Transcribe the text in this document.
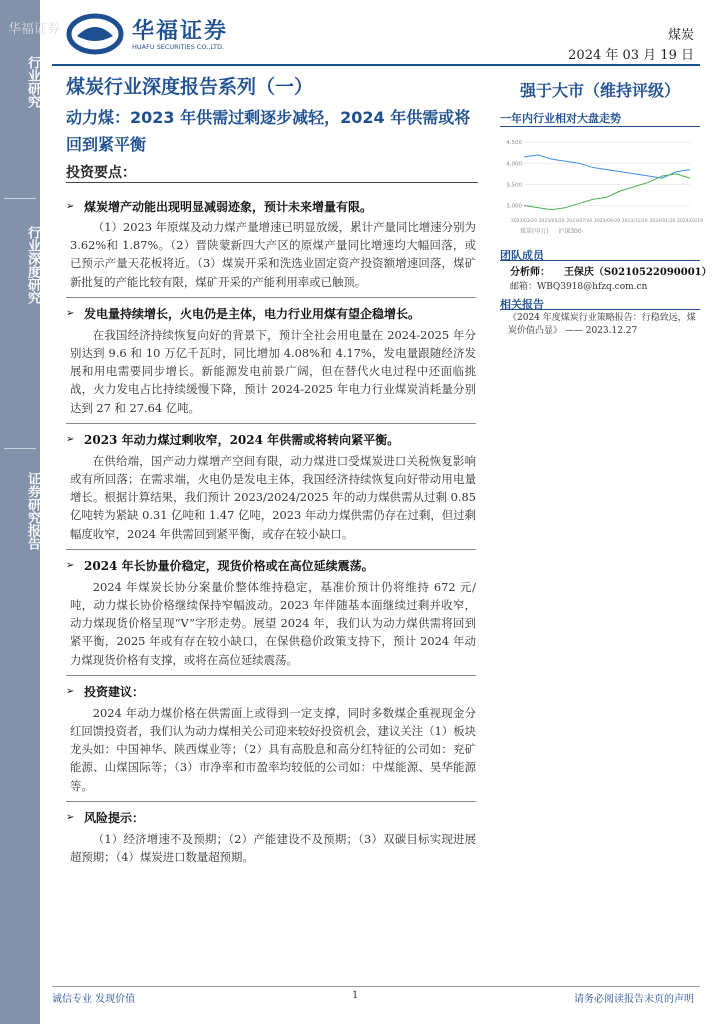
行业研究
行业深度研究
证券研究报告
华福证券	华福证券
HUAFU SECURITIES CO.,LTD.
煤炭
2024 年 03 月 19 日
煤炭行业深度报告系列（一）
动力煤：2023 年供需过剩逐步减轻，2024 年供需或将回到紧平衡
投资要点：
➢ 煤炭增产动能出现明显减弱迹象，预计未来增量有限。
（1）2023 年原煤及动力煤产量增速已明显放缓，累计产量同比增速分别为 3.62%和 1.87%。（2）晋陕蒙新四大产区的原煤产量同比增速均大幅回落，或已预示产量天花板将近。（3）煤炭开采和洗选业固定资产投资额增速回落，煤矿新批复的产能比较有限，煤矿开采的产能利用率或已触顶。
➢ 发电量持续增长，火电仍是主体，电力行业用煤有望企稳增长。
在我国经济持续恢复向好的背景下，预计全社会用电量在 2024-2025 年分别达到 9.6 和 10 万亿千瓦时，同比增加 4.08%和 4.17%，发电量跟随经济发展和用电需要同步增长。新能源发电前景广阔，但在替代火电过程中还面临挑战，火力发电占比持续缓慢下降，预计 2024-2025 年电力行业煤炭消耗量分别达到 27 和 27.64 亿吨。
➢ 2023 年动力煤过剩收窄，2024 年供需或将转向紧平衡。
在供给端，国产动力煤增产空间有限，动力煤进口受煤炭进口关税恢复影响或有所回落；在需求端，火电仍是发电主体，我国经济持续恢复向好带动用电量增长。根据计算结果，我们预计 2023/2024/2025 年的动力煤供需从过剩 0.85 亿吨转为紧缺 0.31 亿吨和 1.47 亿吨，2023 年动力煤供需仍存在过剩，但过剩幅度收窄，2024 年供需回到紧平衡，或存在较小缺口。
➢ 2024 年长协量价稳定，现货价格或在高位延续震荡。
2024 年煤炭长协分案量价整体维持稳定，基准价预计仍将维持 672 元/吨，动力煤长协价格继续保持窄幅波动。2023 年伴随基本面继续过剩并收窄，动力煤现货价格呈现“V”字形走势。展望 2024 年，我们认为动力煤供需将回到紧平衡，2025 年或有存在较小缺口，在保供稳价政策支持下，预计 2024 年动力煤现货价格有支撑，或将在高位延续震荡。
➢ 投资建议：
2024 年动力煤价格在供需面上或得到一定支撑，同时多数煤企重视现金分红回馈投资者，我们认为动力煤相关公司迎来较好投资机会，建议关注（1）板块龙头如：中国神华、陕西煤业等；（2）具有高股息和高分红特征的公司如：兖矿能源、山煤国际等；（3）市净率和市盈率均较低的公司如：中煤能源、昊华能源等。
➢ 风险提示：
（1）经济增速不及预期；（2）产能建设不及预期；（3）双碳目标实现进展超预期；（4）煤炭进口数量超预期。
强于大市（维持评级）
一年内行业相对大盘走势
3,000
3,500
4,000
4,500
2023/03/20 2023/05/20 2023/07/20 2023/09/20 2023/11/20 2024/01/20 2024/03/19
煤炭(申万) 沪深300
团队成员
分析师： 王保庆（S0210522090001）
邮箱：WBQ3918@hfzq.com.cn
相关报告
《2024 年度煤炭行业策略报告：行稳致远，煤炭价值凸显》 —— 2023.12.27
诚信专业 发现价值	1	请务必阅读报告末页的声明
